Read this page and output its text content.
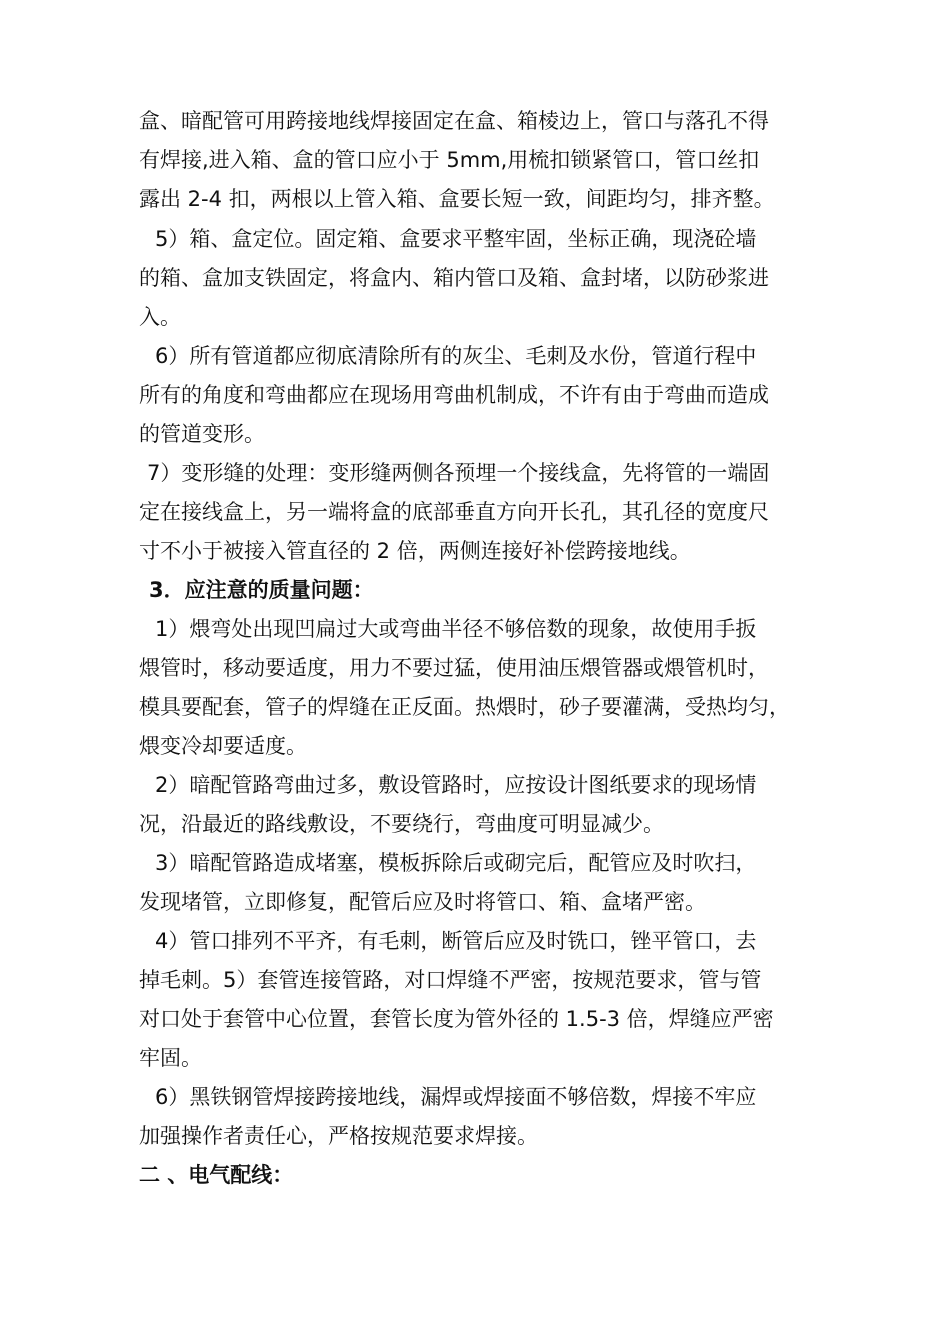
盒、暗配管可用跨接地线焊接固定在盒、箱棱边上，管口与落孔不得
有焊接,进入箱、盒的管口应小于 5mm,用梳扣锁紧管口，管口丝扣
露出 2-4 扣，两根以上管入箱、盒要长短一致，间距均匀，排齐整。
5）箱、盒定位。固定箱、盒要求平整牢固，坐标正确，现浇砼墙
的箱、盒加支铁固定，将盒内、箱内管口及箱、盒封堵，以防砂浆进
入。
6）所有管道都应彻底清除所有的灰尘、毛刺及水份，管道行程中
所有的角度和弯曲都应在现场用弯曲机制成，不许有由于弯曲而造成
的管道变形。
7）变形缝的处理：变形缝两侧各预埋一个接线盒，先将管的一端固
定在接线盒上，另一端将盒的底部垂直方向开长孔，其孔径的宽度尺
寸不小于被接入管直径的 2 倍，两侧连接好补偿跨接地线。
3．应注意的质量问题：
1）煨弯处出现凹扁过大或弯曲半径不够倍数的现象，故使用手扳
煨管时，移动要适度，用力不要过猛，使用油压煨管器或煨管机时，
模具要配套，管子的焊缝在正反面。热煨时，砂子要灌满，受热均匀，
煨变冷却要适度。
2）暗配管路弯曲过多，敷设管路时，应按设计图纸要求的现场情
况，沿最近的路线敷设，不要绕行，弯曲度可明显减少。
3）暗配管路造成堵塞，模板拆除后或砌完后，配管应及时吹扫，
发现堵管，立即修复，配管后应及时将管口、箱、盒堵严密。
4）管口排列不平齐，有毛刺，断管后应及时铣口，锉平管口，去
掉毛刺。5）套管连接管路，对口焊缝不严密，按规范要求，管与管
对口处于套管中心位置，套管长度为管外径的 1.5-3 倍，焊缝应严密
牢固。
6）黑铁钢管焊接跨接地线，漏焊或焊接面不够倍数，焊接不牢应
加强操作者责任心，严格按规范要求焊接。
二 、电气配线：
